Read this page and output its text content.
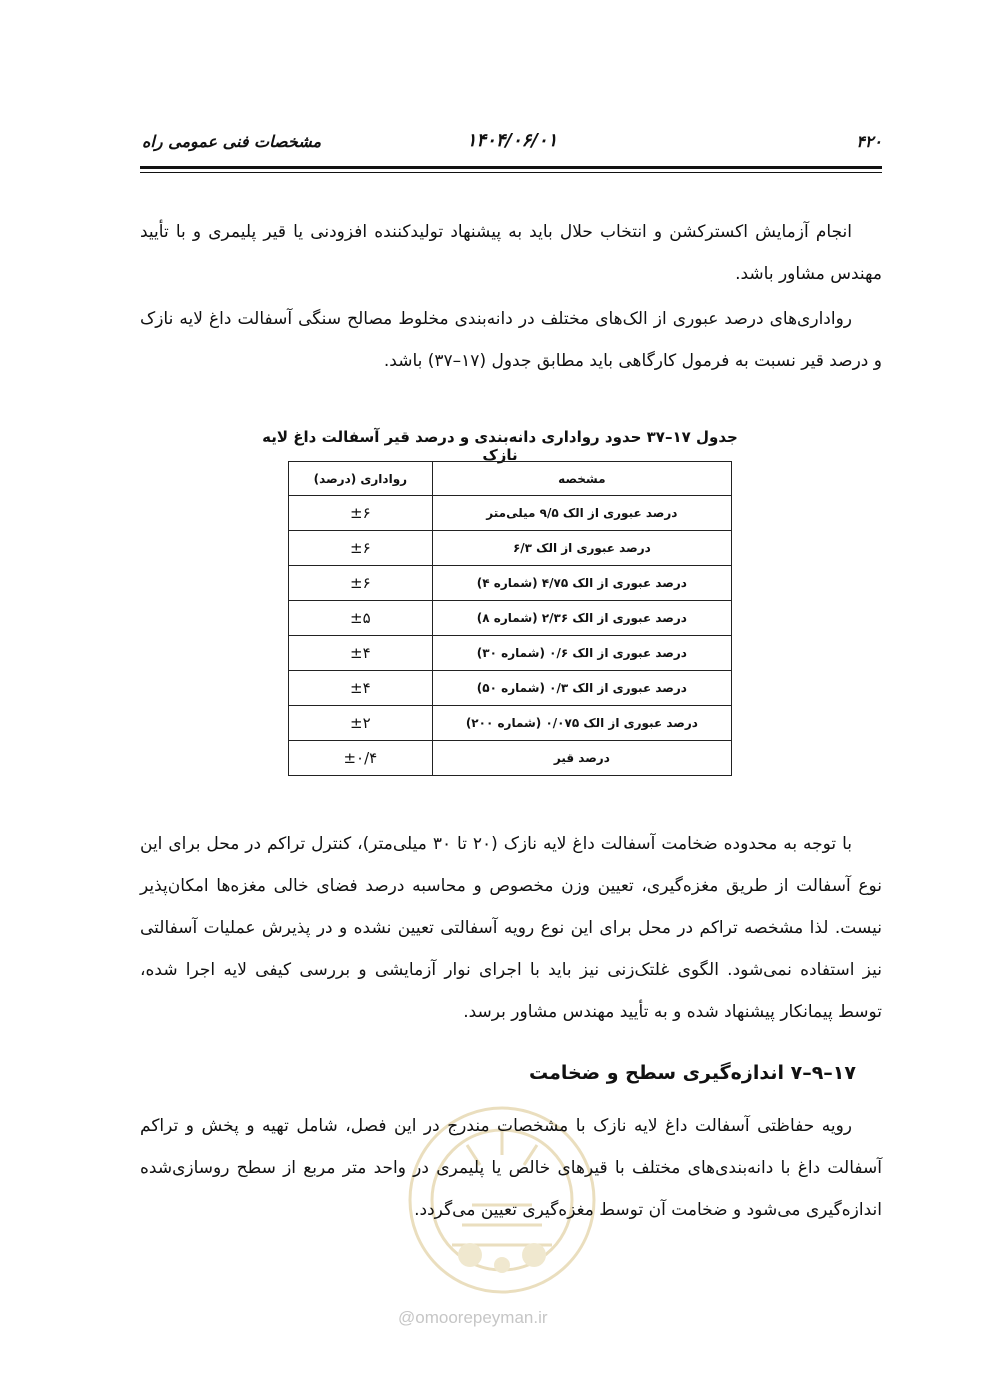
۴۲۰
۱۴۰۴/۰۶/۰۱
مشخصات فنی عمومی راه

انجام آزمایش اکسترکشن و انتخاب حلال باید به پیشنهاد تولیدکننده افزودنی یا قیر پلیمری و با تأیید مهندس مشاور باشد.

رواداری‌های درصد عبوری از الک‌های مختلف در دانه‌بندی مخلوط مصالح سنگی آسفالت داغ لایه نازک و درصد قیر نسبت به فرمول کارگاهی باید مطابق جدول (۱۷–۳۷) باشد.

جدول ۱۷–۳۷ حدود رواداری دانه‌بندی و درصد قیر آسفالت داغ لایه نازک
مشخصه	رواداری (درصد)
درصد عبوری از الک ۹/۵ میلی‌متر	±۶
درصد عبوری از الک ۶/۳	±۶
درصد عبوری از الک ۴/۷۵ (شماره ۴)	±۶
درصد عبوری از الک ۲/۳۶ (شماره ۸)	±۵
درصد عبوری از الک ۰/۶ (شماره ۳۰)	±۴
درصد عبوری از الک ۰/۳ (شماره ۵۰)	±۴
درصد عبوری از الک ۰/۰۷۵ (شماره ۲۰۰)	±۲
درصد قیر	±۰/۴

با توجه به محدوده ضخامت آسفالت داغ لایه نازک (۲۰ تا ۳۰ میلی‌متر)، کنترل تراکم در محل برای این نوع آسفالت از طریق مغزه‌گیری، تعیین وزن مخصوص و محاسبه درصد فضای خالی مغزه‌ها امکان‌پذیر نیست. لذا مشخصه تراکم در محل برای این نوع رویه آسفالتی تعیین نشده و در پذیرش عملیات آسفالتی نیز استفاده نمی‌شود. الگوی غلتک‌زنی نیز باید با اجرای نوار آزمایشی و بررسی کیفی لایه اجرا شده، توسط پیمانکار پیشنهاد شده و به تأیید مهندس مشاور برسد.

۱۷–۹–۷ اندازه‌گیری سطح و ضخامت
@omoorepeyman.ir

رویه حفاظتی آسفالت داغ لایه نازک با مشخصات مندرج در این فصل، شامل تهیه و پخش و تراکم آسفالت داغ با دانه‌بندی‌های مختلف با قیرهای خالص یا پلیمری در واحد متر مربع از سطح روسازی‌شده اندازه‌گیری می‌شود و ضخامت آن توسط مغزه‌گیری تعیین می‌گردد.
